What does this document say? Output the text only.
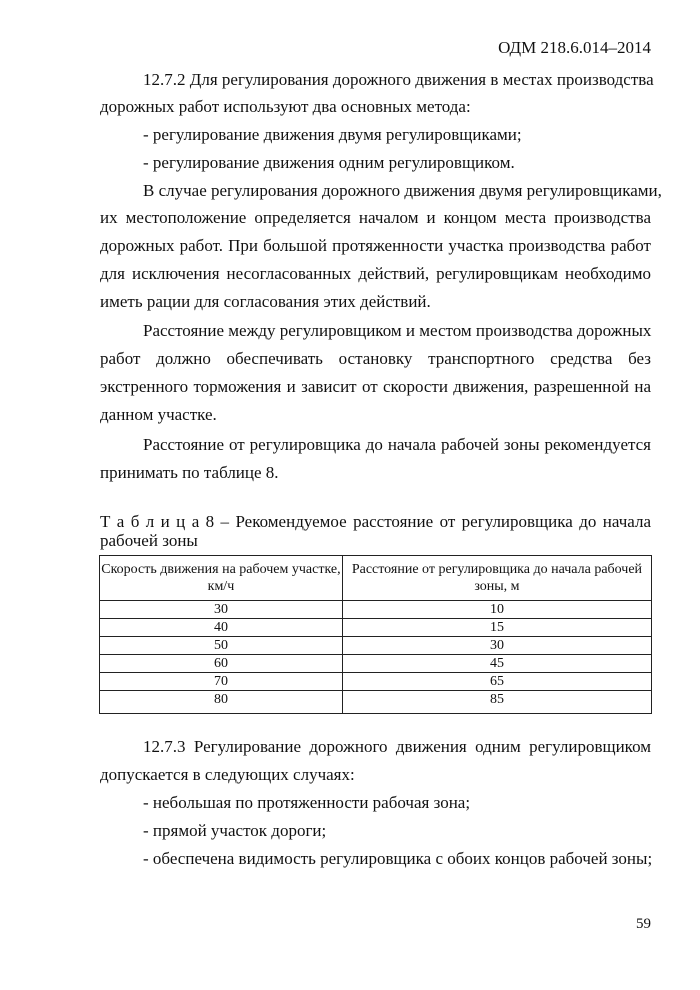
ОДМ 218.6.014–2014
12.7.2 Для регулирования дорожного движения в местах производства
дорожных работ используют два основных метода:
- регулирование движения двумя регулировщиками;
- регулирование движения одним регулировщиком.
В случае регулирования дорожного движения двумя регулировщиками,
их местоположение определяется началом и концом места производства
дорожных работ. При большой протяженности участка производства работ
для исключения несогласованных действий, регулировщикам необходимо
иметь рации для согласования этих действий.
Расстояние между регулировщиком и местом производства дорожных
работ должно обеспечивать остановку транспортного средства без
экстренного торможения и зависит от скорости движения, разрешенной на
данном участке.
Расстояние от регулировщика до начала рабочей зоны рекомендуется
принимать по таблице 8.
Т а б л и ц а 8 – Рекомендуемое расстояние от регулировщика до начала
рабочей зоны
Скорость движения на рабочем участке, км/ч	Расстояние от регулировщика до начала рабочей зоны, м
30	10
40	15
50	30
60	45
70	65
80	85
12.7.3 Регулирование дорожного движения одним регулировщиком
допускается в следующих случаях:
- небольшая по протяженности рабочая зона;
- прямой участок дороги;
- обеспечена видимость регулировщика с обоих концов рабочей зоны;
59
